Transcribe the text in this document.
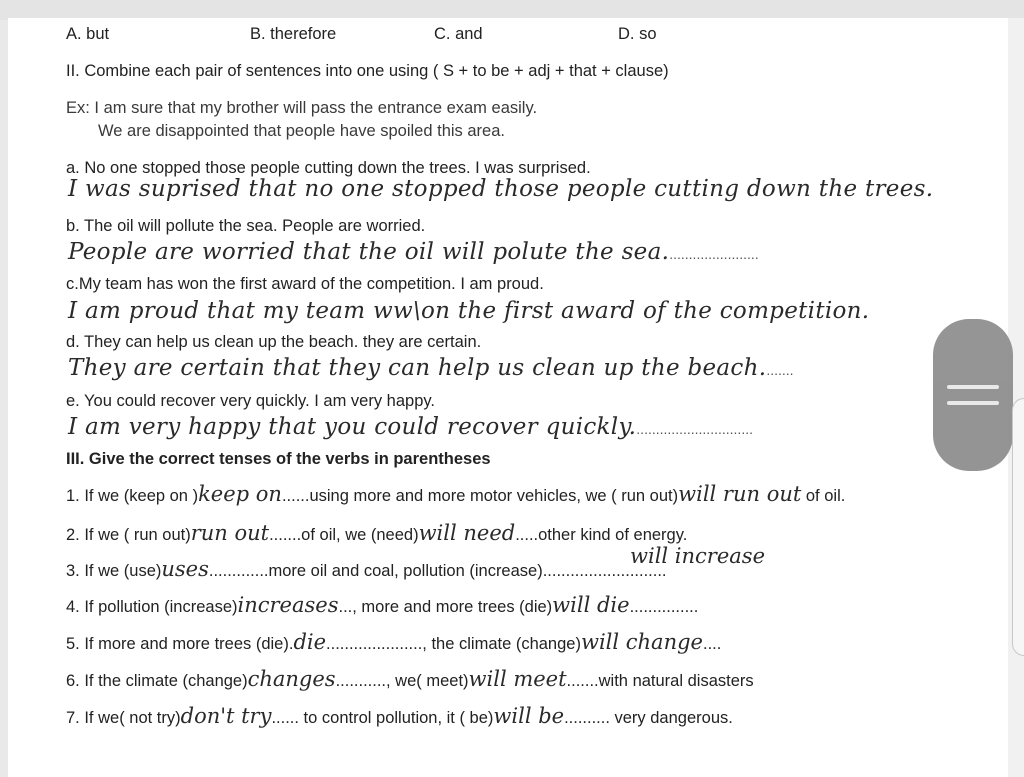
A. but	B. therefore	C. and	D. so
II. Combine each pair of sentences into one using ( S + to be + adj + that + clause)
Ex: I am sure that my brother will pass the entrance exam easily.
We are disappointed that people have spoiled this area.
a. No one stopped those people cutting down the trees. I was surprised.
I was suprised that no one stopped those people cutting down the trees.
b. The oil will pollute the sea. People are worried.
People are worried that the oil will polute the sea........................
c.My team has won the first award of the competition. I am proud.
I am proud that my team ww\on the first award of the competition.
d. They can help us clean up the beach. they are certain.
They are certain that they can help us clean up the beach........
e. You could recover very quickly. I am very happy.
I am very happy that you could recover quickly...............................
III. Give the correct tenses of the verbs in parentheses
1. If we (keep on )keep on......using more and more motor vehicles, we ( run out)will run out of oil.
2. If we ( run out)run out.......of oil, we (need)will need.....other kind of energy.
3. If we (use)uses.............more oil and coal, pollution (increase)...........................
will increase
4. If pollution (increase)increases..., more and more trees (die)will die...............
5. If more and more trees (die).die....................., the climate (change)will change....
6. If the climate (change)changes..........., we( meet)will meet.......with natural disasters
7. If we( not try)don't try...... to control pollution, it ( be)will be.......... very dangerous.
